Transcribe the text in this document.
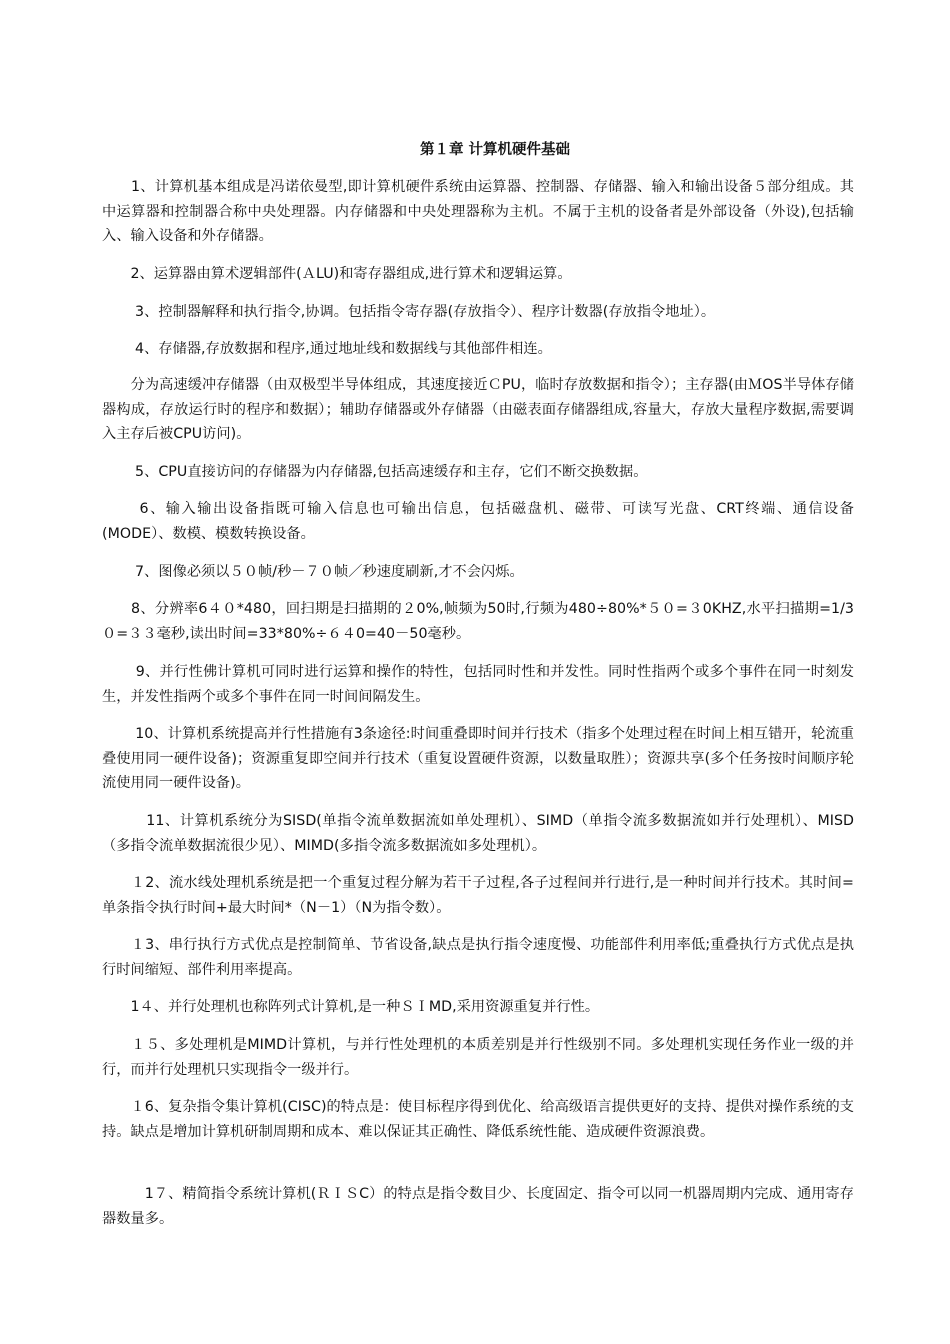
第１章 计算机硬件基础

　　1、计算机基本组成是冯诺依曼型,即计算机硬件系统由运算器、控制器、存储器、输入和输出设备５部分组成。其中运算器和控制器合称中央处理器。内存储器和中央处理器称为主机。不属于主机的设备者是外部设备（外设),包括输入、输入设备和外存储器。

　　2、运算器由算术逻辑部件(ＡLU)和寄存器组成,进行算术和逻辑运算。

　　 3、控制器解释和执行指令,协调。包括指令寄存器(存放指令）、程序计数器(存放指令地址）。

　　 4、存储器,存放数据和程序,通过地址线和数据线与其他部件相连。

　　分为高速缓冲存储器（由双极型半导体组成，其速度接近ＣPU，临时存放数据和指令）；主存器(由ＭOS半导体存储器构成，存放运行时的程序和数据）；辅助存储器或外存储器（由磁表面存储器组成,容量大，存放大量程序数据,需要调入主存后被CPU访问)。

　　 5、CPU直接访问的存储器为内存储器,包括高速缓存和主存，它们不断交换数据。

　　 6、输入输出设备指既可输入信息也可输出信息，包括磁盘机、磁带、可读写光盘、CRT终端、通信设备(MODE）、数模、模数转换设备。

　　 7、图像必须以５０帧/秒－７０帧／秒速度刷新,才不会闪烁。

　　8、分辨率6４０*480，回扫期是扫描期的２0%,帧频为50时,行频为480÷80%*５０=３0KHZ,水平扫描期=1/3０=３３毫秒,读出时间=33*80%÷６４0=40－50毫秒。

　　 9、并行性佛计算机可同时进行运算和操作的特性，包括同时性和并发性。同时性指两个或多个事件在同一时刻发生，并发性指两个或多个事件在同一时间间隔发生。

　　 10、计算机系统提高并行性措施有3条途径:时间重叠即时间并行技术（指多个处理过程在时间上相互错开，轮流重叠使用同一硬件设备)；资源重复即空间并行技术（重复设置硬件资源，以数量取胜）；资源共享(多个任务按时间顺序轮流使用同一硬件设备)。

　　　11、计算机系统分为SISD(单指令流单数据流如单处理机）、SIMD（单指令流多数据流如并行处理机）、MISD（多指令流单数据流很少见）、MIMD(多指令流多数据流如多处理机）。

　　１2、流水线处理机系统是把一个重复过程分解为若干子过程,各子过程间并行进行,是一种时间并行技术。其时间=单条指令执行时间+最大时间*（N－1）（N为指令数）。

　　１3、串行执行方式优点是控制简单、节省设备,缺点是执行指令速度慢、功能部件利用率低;重叠执行方式优点是执行时间缩短、部件利用率提高。

　　1４、并行处理机也称阵列式计算机,是一种ＳＩMD,采用资源重复并行性。

　　１５、多处理机是MIMD计算机，与并行性处理机的本质差别是并行性级别不同。多处理机实现任务作业一级的并行，而并行处理机只实现指令一级并行。

　　１6、复杂指令集计算机(CISC)的特点是：使目标程序得到优化、给高级语言提供更好的支持、提供对操作系统的支持。缺点是增加计算机研制周期和成本、难以保证其正确性、降低系统性能、造成硬件资源浪费。

　　　1７、精简指令系统计算机(ＲＩＳC）的特点是指令数目少、长度固定、指令可以同一机器周期内完成、通用寄存器数量多。
